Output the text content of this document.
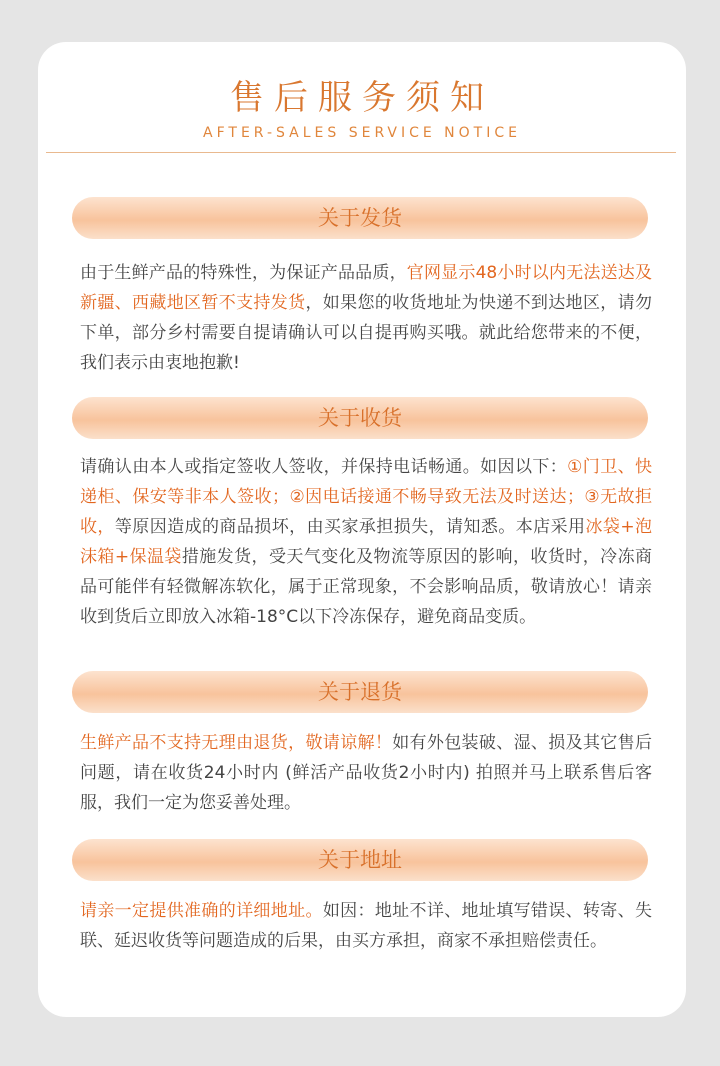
售后服务须知
AFTER-SALES SERVICE NOTICE
关于发货
由于生鲜产品的特殊性，为保证产品品质，官网显示48小时以内无法送达及新疆、西藏地区暂不支持发货，如果您的收货地址为快递不到达地区，请勿下单，部分乡村需要自提请确认可以自提再购买哦。就此给您带来的不便，我们表示由衷地抱歉!
关于收货
请确认由本人或指定签收人签收，并保持电话畅通。如因以下：①门卫、快递柜、保安等非本人签收；②因电话接通不畅导致无法及时送达；③无故拒收，等原因造成的商品损坏，由买家承担损失，请知悉。本店采用冰袋+泡沫箱+保温袋措施发货，受天气变化及物流等原因的影响，收货时，冷冻商品可能伴有轻微解冻软化，属于正常现象，不会影响品质，敬请放心！请亲收到货后立即放入冰箱-18°C以下冷冻保存，避免商品变质。
关于退货
生鲜产品不支持无理由退货，敬请谅解！如有外包装破、湿、损及其它售后问题，请在收货24小时内 (鲜活产品收货2小时内) 拍照并马上联系售后客服，我们一定为您妥善处理。
关于地址
请亲一定提供准确的详细地址。如因：地址不详、地址填写错误、转寄、失联、延迟收货等问题造成的后果，由买方承担，商家不承担赔偿责任。
